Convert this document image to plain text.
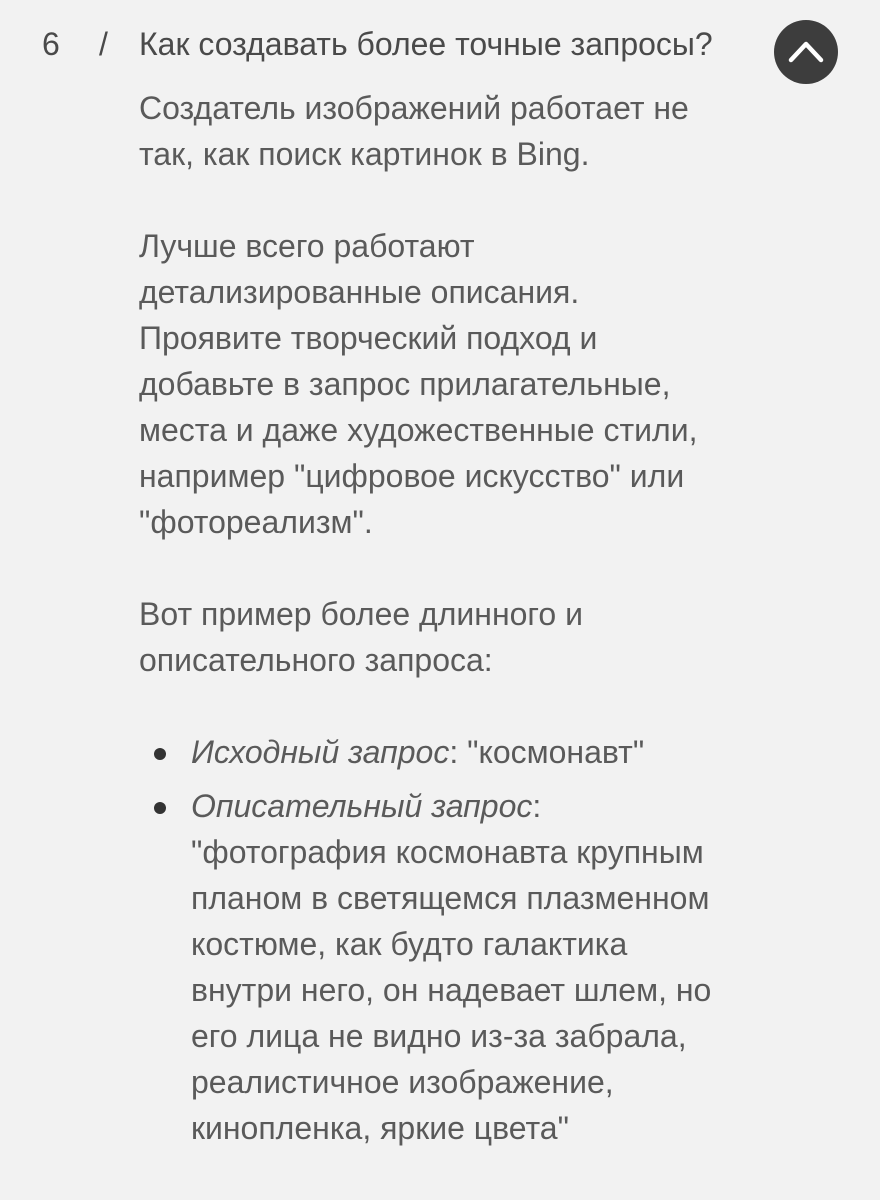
6 / Как создавать более точные запросы?

Создатель изображений работает не
так, как поиск картинок в Bing.

Лучше всего работают
детализированные описания.
Проявите творческий подход и
добавьте в запрос прилагательные,
места и даже художественные стили,
например "цифровое искусство" или
"фотореализм".

Вот пример более длинного и
описательного запроса:

Исходный запрос: "космонавт"
Описательный запрос:
"фотография космонавта крупным
планом в светящемся плазменном
костюме, как будто галактика
внутри него, он надевает шлем, но
его лица не видно из-за забрала,
реалистичное изображение,
кинопленка, яркие цвета"
